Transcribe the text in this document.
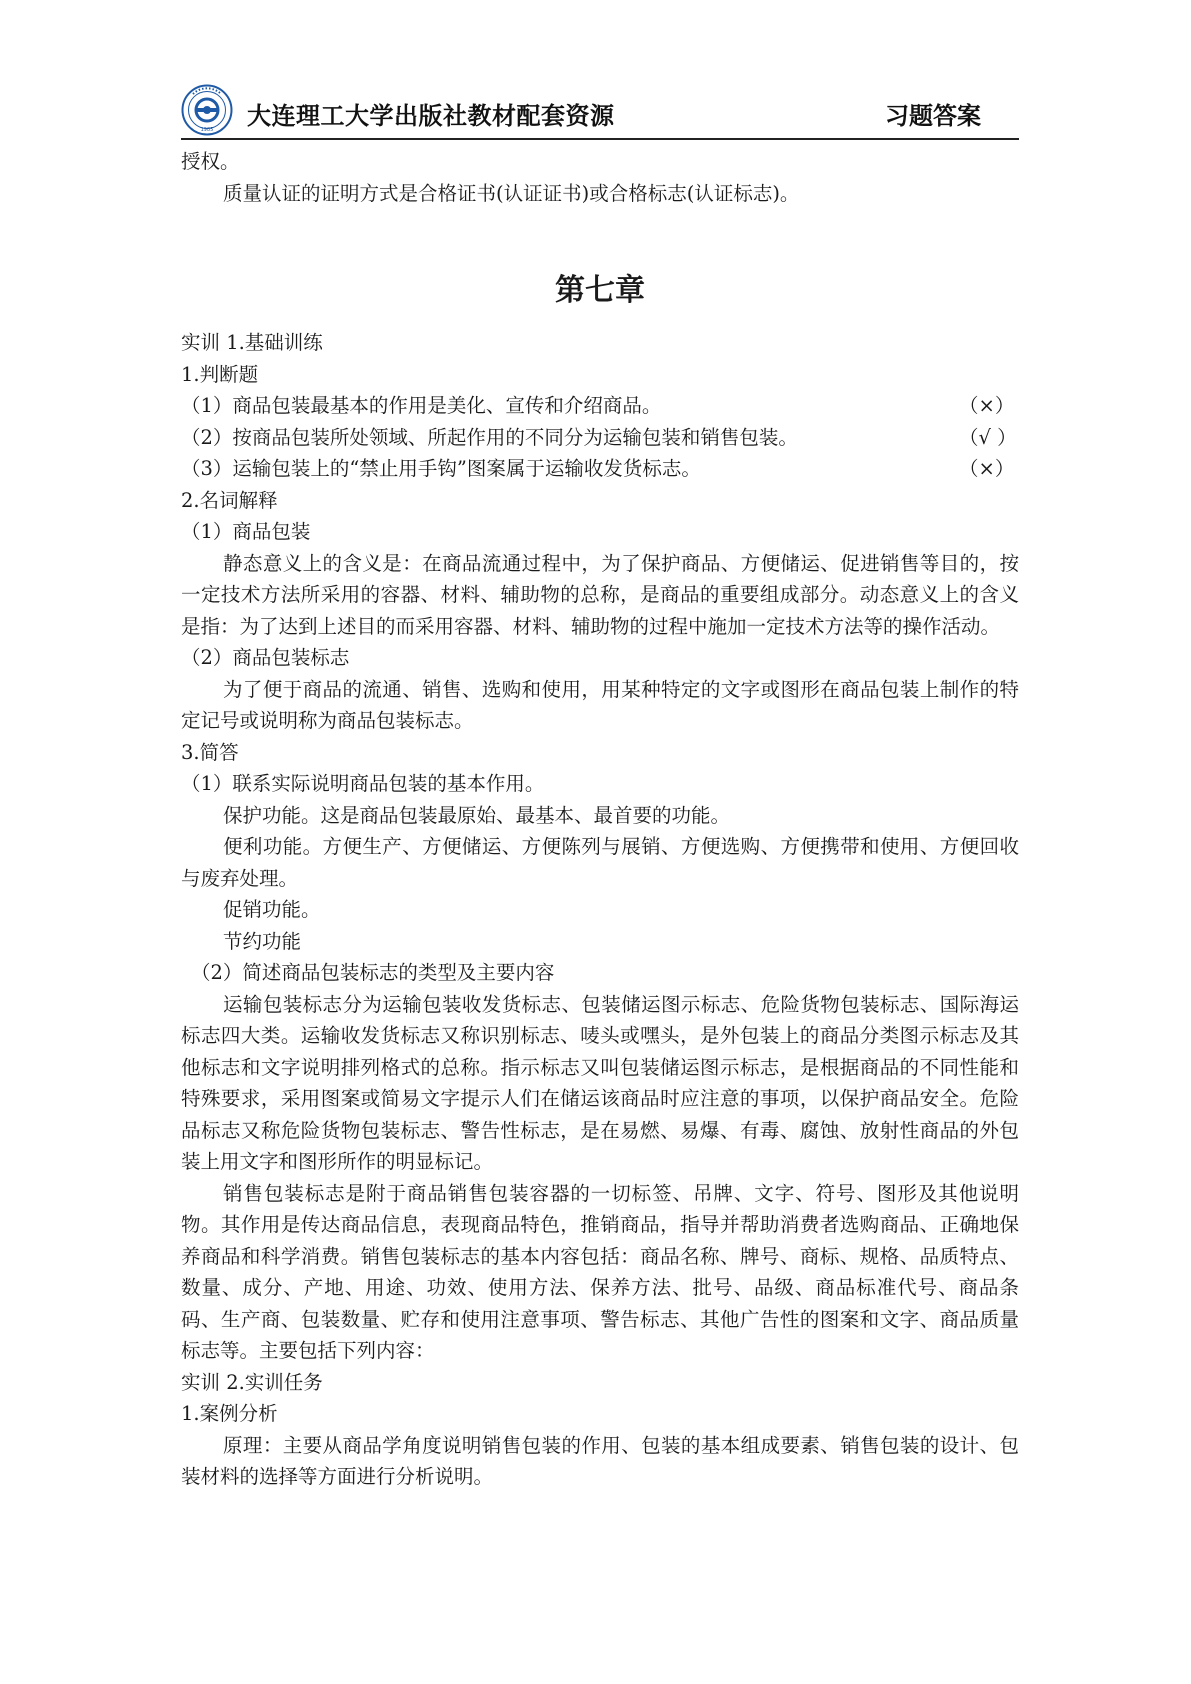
1985 大连理工大学出版社教材配套资源	习题答案
授权。
质量认证的证明方式是合格证书(认证证书)或合格标志(认证标志)。
第七章
实训 1.基础训练
1.判断题
（1）商品包装最基本的作用是美化、宣传和介绍商品。	（×）
（2）按商品包装所处领域、所起作用的不同分为运输包装和销售包装。	（√ ）
（3）运输包装上的“禁止用手钩”图案属于运输收发货标志。	（×）
2.名词解释
（1）商品包装
静态意义上的含义是：在商品流通过程中，为了保护商品、方便储运、促进销售等目的，按一定技术方法所采用的容器、材料、辅助物的总称，是商品的重要组成部分。动态意义上的含义是指：为了达到上述目的而采用容器、材料、辅助物的过程中施加一定技术方法等的操作活动。
（2）商品包装标志
为了便于商品的流通、销售、选购和使用，用某种特定的文字或图形在商品包装上制作的特定记号或说明称为商品包装标志。
3.简答
（1）联系实际说明商品包装的基本作用。
保护功能。这是商品包装最原始、最基本、最首要的功能。
便利功能。方便生产、方便储运、方便陈列与展销、方便选购、方便携带和使用、方便回收与废弃处理。
促销功能。
节约功能
（2）简述商品包装标志的类型及主要内容
运输包装标志分为运输包装收发货标志、包装储运图示标志、危险货物包装标志、国际海运标志四大类。运输收发货标志又称识别标志、唛头或嘿头，是外包装上的商品分类图示标志及其他标志和文字说明排列格式的总称。指示标志又叫包装储运图示标志，是根据商品的不同性能和特殊要求，采用图案或简易文字提示人们在储运该商品时应注意的事项，以保护商品安全。危险品标志又称危险货物包装标志、警告性标志，是在易燃、易爆、有毒、腐蚀、放射性商品的外包装上用文字和图形所作的明显标记。
销售包装标志是附于商品销售包装容器的一切标签、吊牌、文字、符号、图形及其他说明物。其作用是传达商品信息，表现商品特色，推销商品，指导并帮助消费者选购商品、正确地保养商品和科学消费。销售包装标志的基本内容包括：商品名称、牌号、商标、规格、品质特点、数量、成分、产地、用途、功效、使用方法、保养方法、批号、品级、商品标准代号、商品条码、生产商、包装数量、贮存和使用注意事项、警告标志、其他广告性的图案和文字、商品质量标志等。主要包括下列内容：
实训 2.实训任务
1.案例分析
原理：主要从商品学角度说明销售包装的作用、包装的基本组成要素、销售包装的设计、包装材料的选择等方面进行分析说明。
